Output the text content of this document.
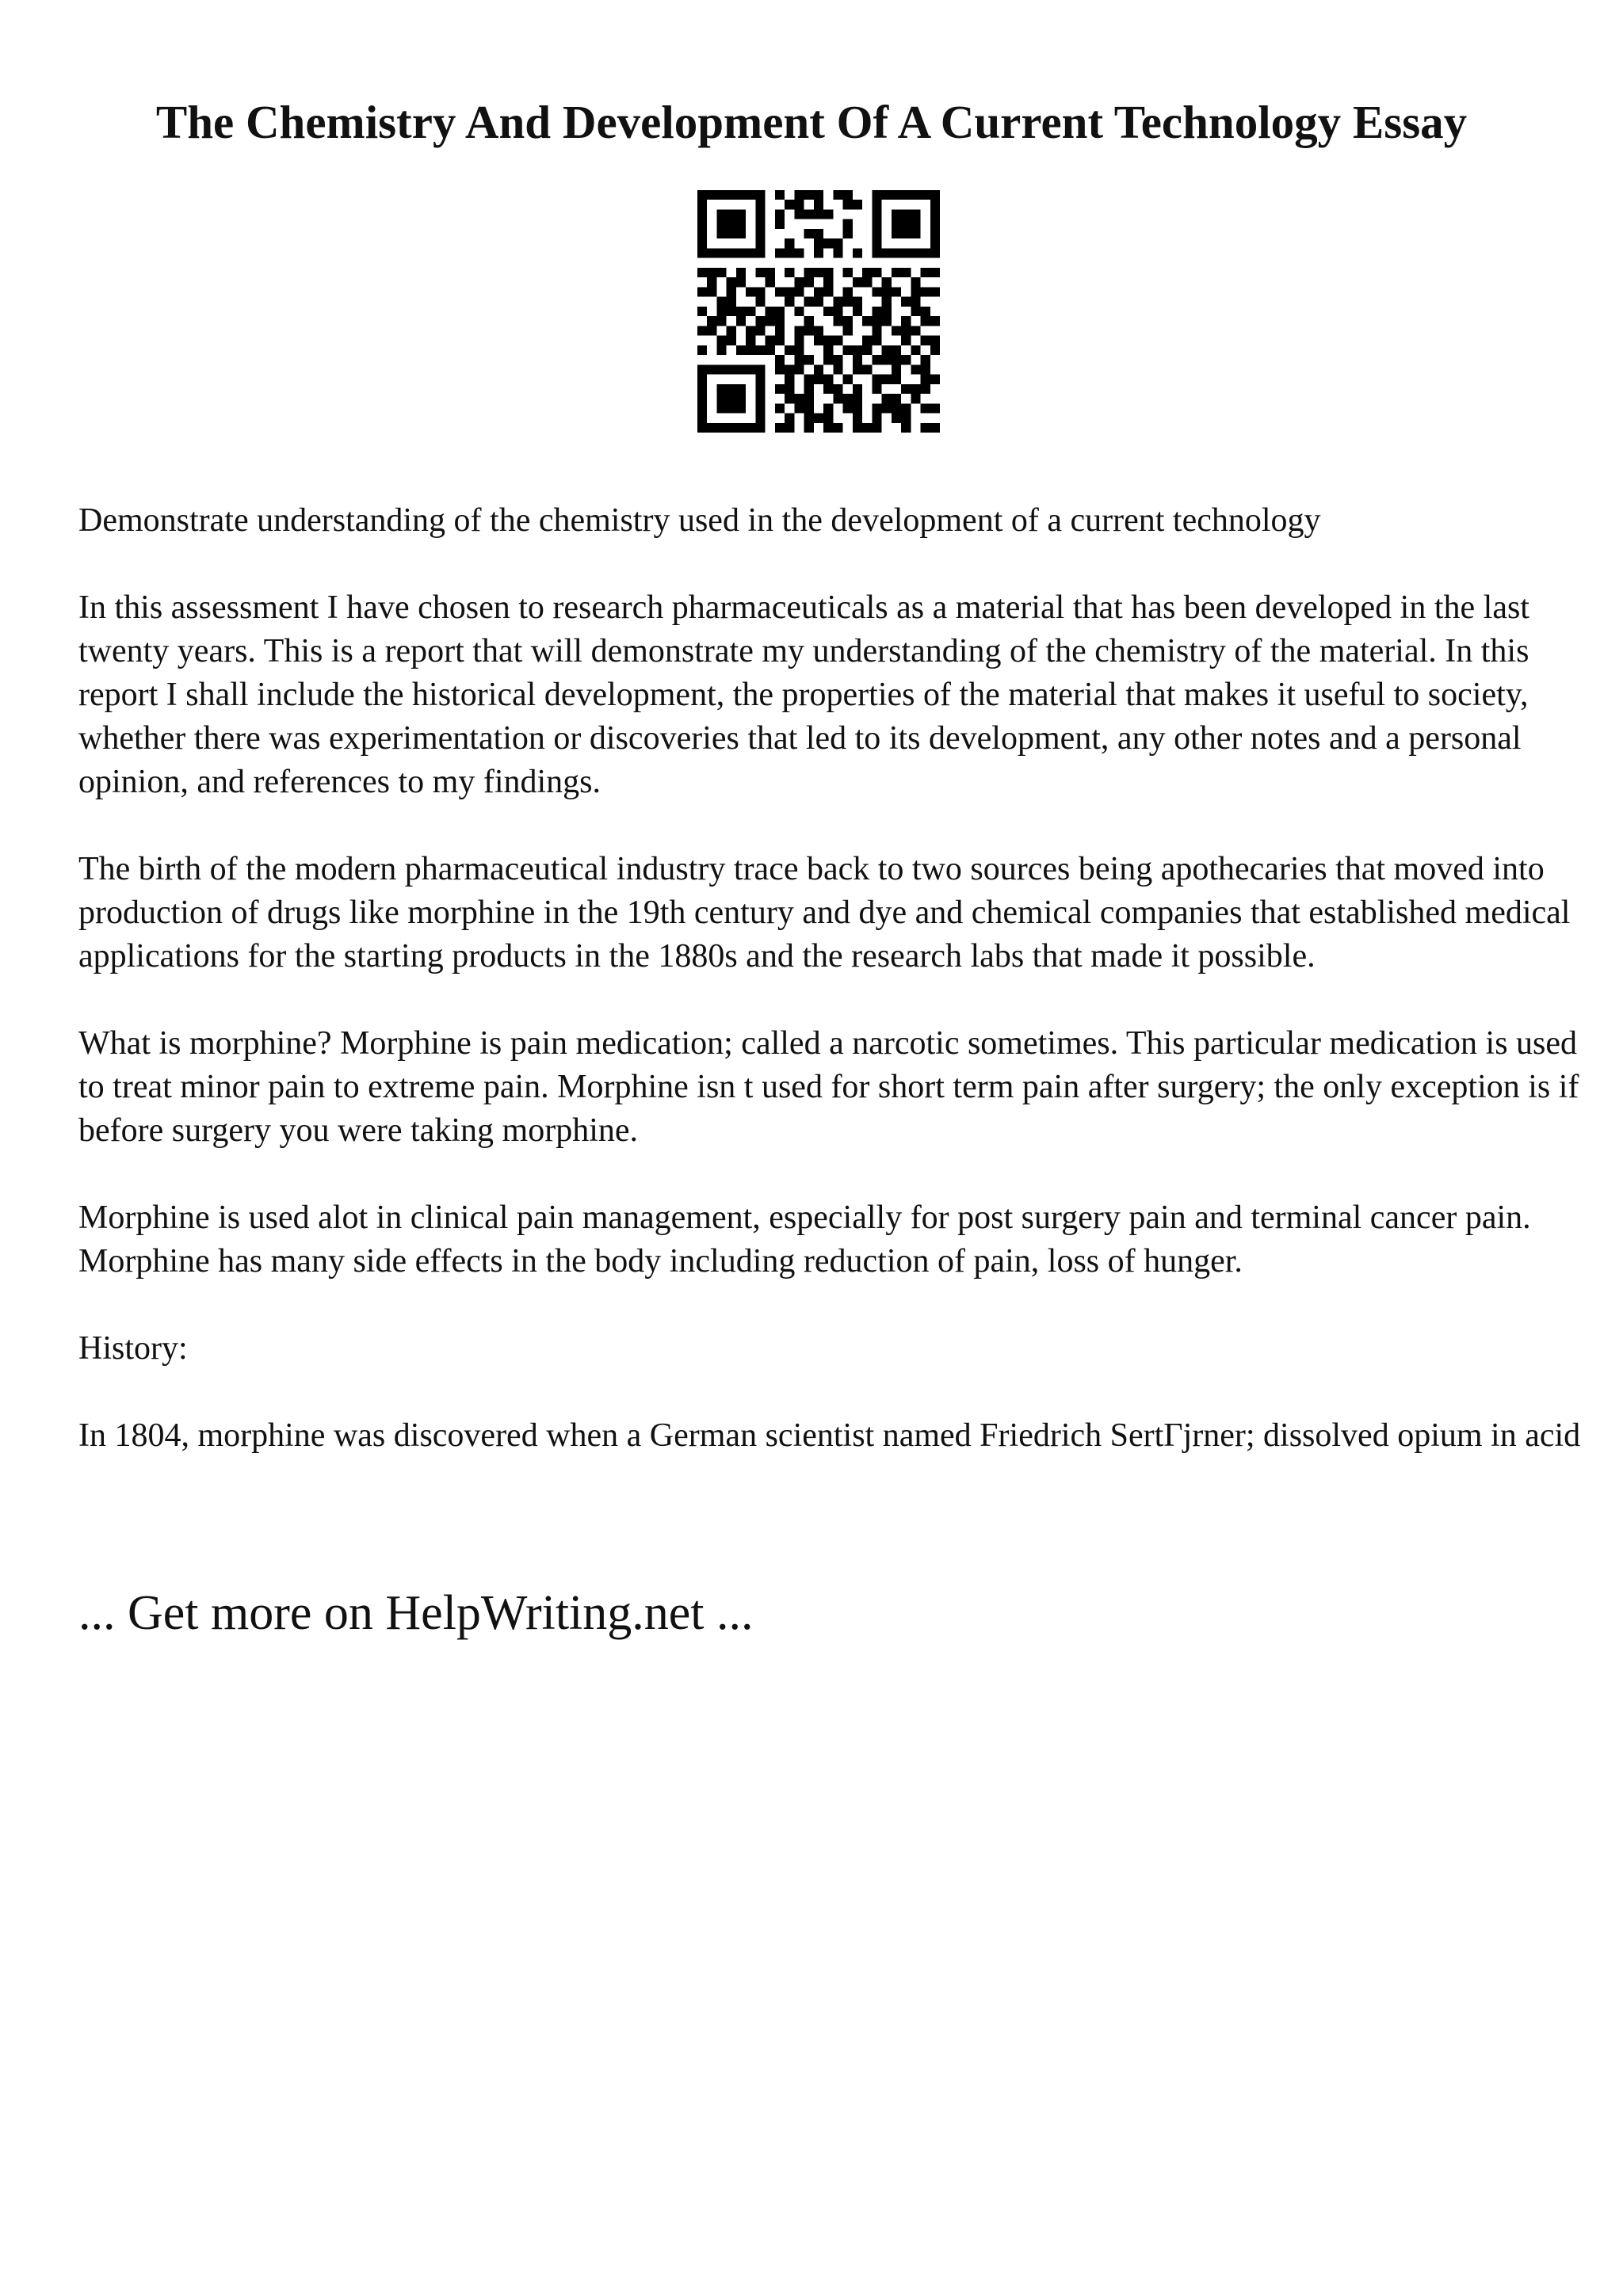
The Chemistry And Development Of A Current Technology Essay

Demonstrate understanding of the chemistry used in the development of a current technology

In this assessment I have chosen to research pharmaceuticals as a material that has been developed in the last twenty years. This is a report that will demonstrate my understanding of the chemistry of the material. In this report I shall include the historical development, the properties of the material that makes it useful to society, whether there was experimentation or discoveries that led to its development, any other notes and a personal opinion, and references to my findings.

The birth of the modern pharmaceutical industry trace back to two sources being apothecaries that moved into production of drugs like morphine in the 19th century and dye and chemical companies that established medical applications for the starting products in the 1880s and the research labs that made it possible.

What is morphine? Morphine is pain medication; called a narcotic sometimes. This particular medication is used to treat minor pain to extreme pain. Morphine isn t used for short term pain after surgery; the only exception is if before surgery you were taking morphine.

Morphine is used alot in clinical pain management, especially for post surgery pain and terminal cancer pain. Morphine has many side effects in the body including reduction of pain, loss of hunger.

History:

In 1804, morphine was discovered when a German scientist named Friedrich SertГjrner; dissolved opium in acid

... Get more on HelpWriting.net ...
